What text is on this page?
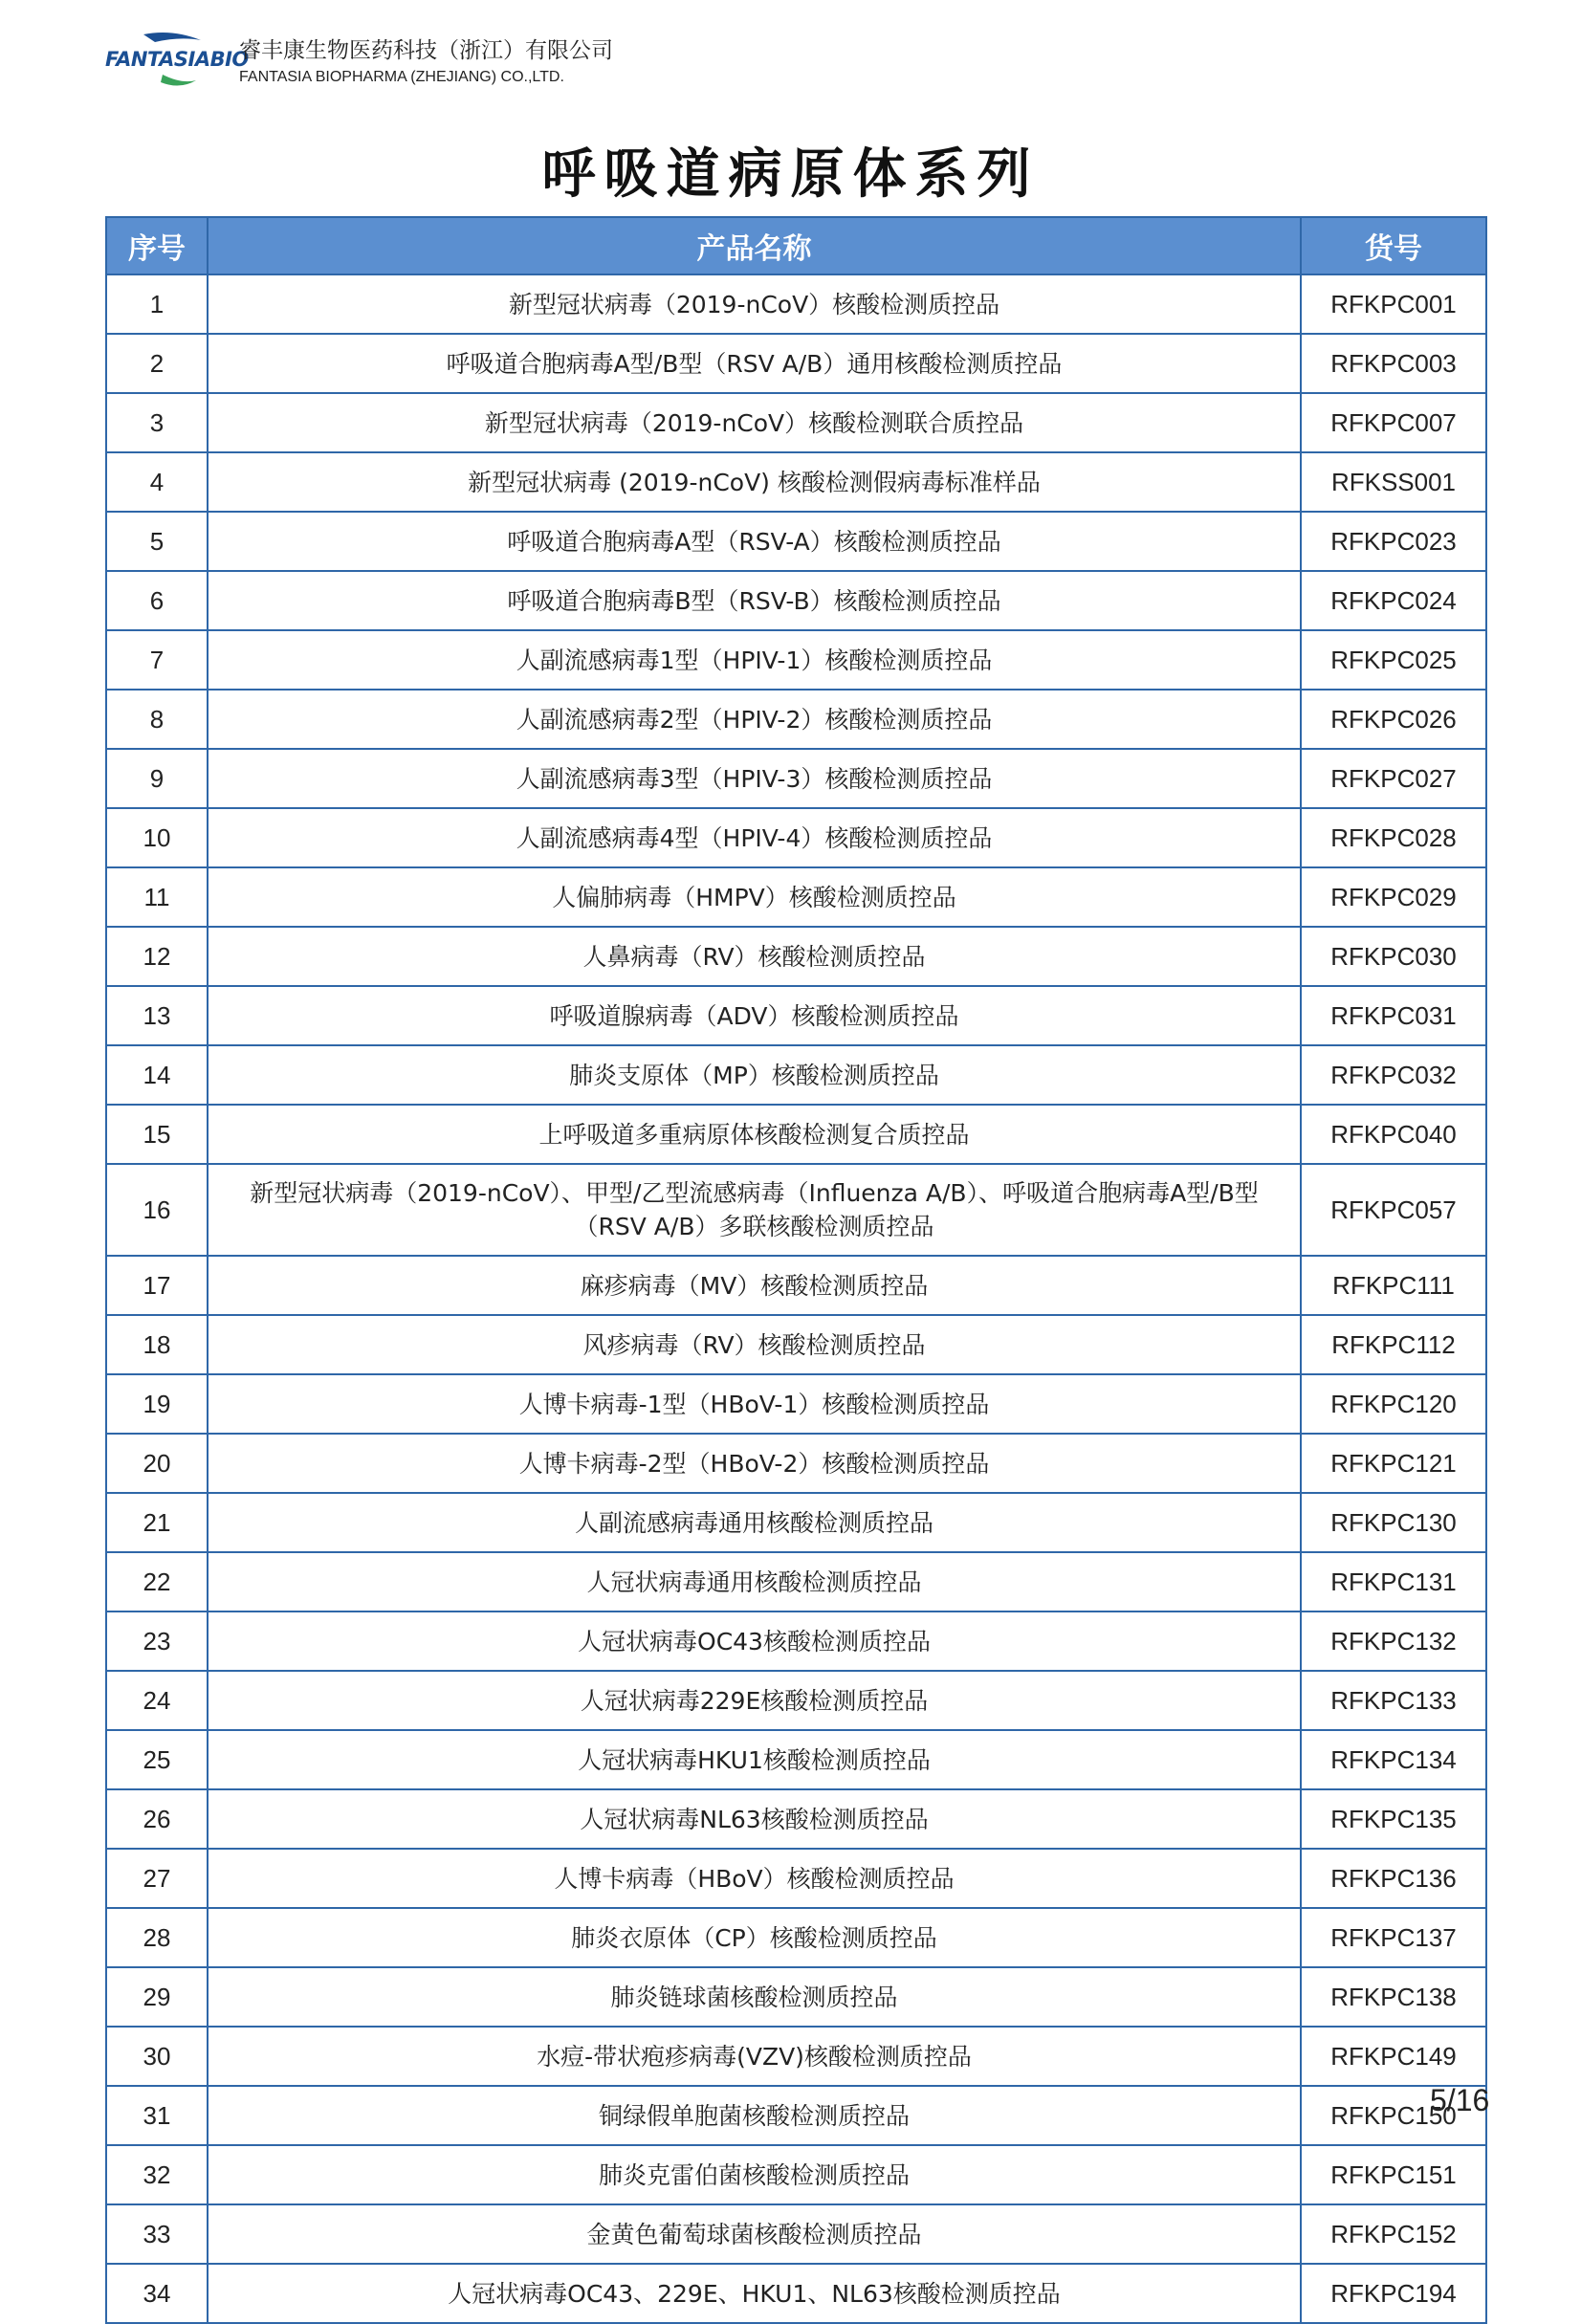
FANTASIABIO
睿丰康生物医药科技（浙江）有限公司
FANTASIA BIOPHARMA (ZHEJIANG) CO.,LTD.
呼吸道病原体系列
序号	产品名称	货号
1	新型冠状病毒（2019-nCoV）核酸检测质控品	RFKPC001
2	呼吸道合胞病毒A型/B型（RSV A/B）通用核酸检测质控品	RFKPC003
3	新型冠状病毒（2019-nCoV）核酸检测联合质控品	RFKPC007
4	新型冠状病毒 (2019-nCoV) 核酸检测假病毒标准样品	RFKSS001
5	呼吸道合胞病毒A型（RSV-A）核酸检测质控品	RFKPC023
6	呼吸道合胞病毒B型（RSV-B）核酸检测质控品	RFKPC024
7	人副流感病毒1型（HPIV-1）核酸检测质控品	RFKPC025
8	人副流感病毒2型（HPIV-2）核酸检测质控品	RFKPC026
9	人副流感病毒3型（HPIV-3）核酸检测质控品	RFKPC027
10	人副流感病毒4型（HPIV-4）核酸检测质控品	RFKPC028
11	人偏肺病毒（HMPV）核酸检测质控品	RFKPC029
12	人鼻病毒（RV）核酸检测质控品	RFKPC030
13	呼吸道腺病毒（ADV）核酸检测质控品	RFKPC031
14	肺炎支原体（MP）核酸检测质控品	RFKPC032
15	上呼吸道多重病原体核酸检测复合质控品	RFKPC040
16	新型冠状病毒（2019-nCoV）、甲型/乙型流感病毒（Influenza A/B）、呼吸道合胞病毒A型/B型（RSV A/B）多联核酸检测质控品	RFKPC057
17	麻疹病毒（MV）核酸检测质控品	RFKPC111
18	风疹病毒（RV）核酸检测质控品	RFKPC112
19	人博卡病毒-1型（HBoV-1）核酸检测质控品	RFKPC120
20	人博卡病毒-2型（HBoV-2）核酸检测质控品	RFKPC121
21	人副流感病毒通用核酸检测质控品	RFKPC130
22	人冠状病毒通用核酸检测质控品	RFKPC131
23	人冠状病毒OC43核酸检测质控品	RFKPC132
24	人冠状病毒229E核酸检测质控品	RFKPC133
25	人冠状病毒HKU1核酸检测质控品	RFKPC134
26	人冠状病毒NL63核酸检测质控品	RFKPC135
27	人博卡病毒（HBoV）核酸检测质控品	RFKPC136
28	肺炎衣原体（CP）核酸检测质控品	RFKPC137
29	肺炎链球菌核酸检测质控品	RFKPC138
30	水痘-带状疱疹病毒(VZV)核酸检测质控品	RFKPC149
31	铜绿假单胞菌核酸检测质控品	RFKPC150
32	肺炎克雷伯菌核酸检测质控品	RFKPC151
33	金黄色葡萄球菌核酸检测质控品	RFKPC152
34	人冠状病毒OC43、229E、HKU1、NL63核酸检测质控品	RFKPC194
5/16
